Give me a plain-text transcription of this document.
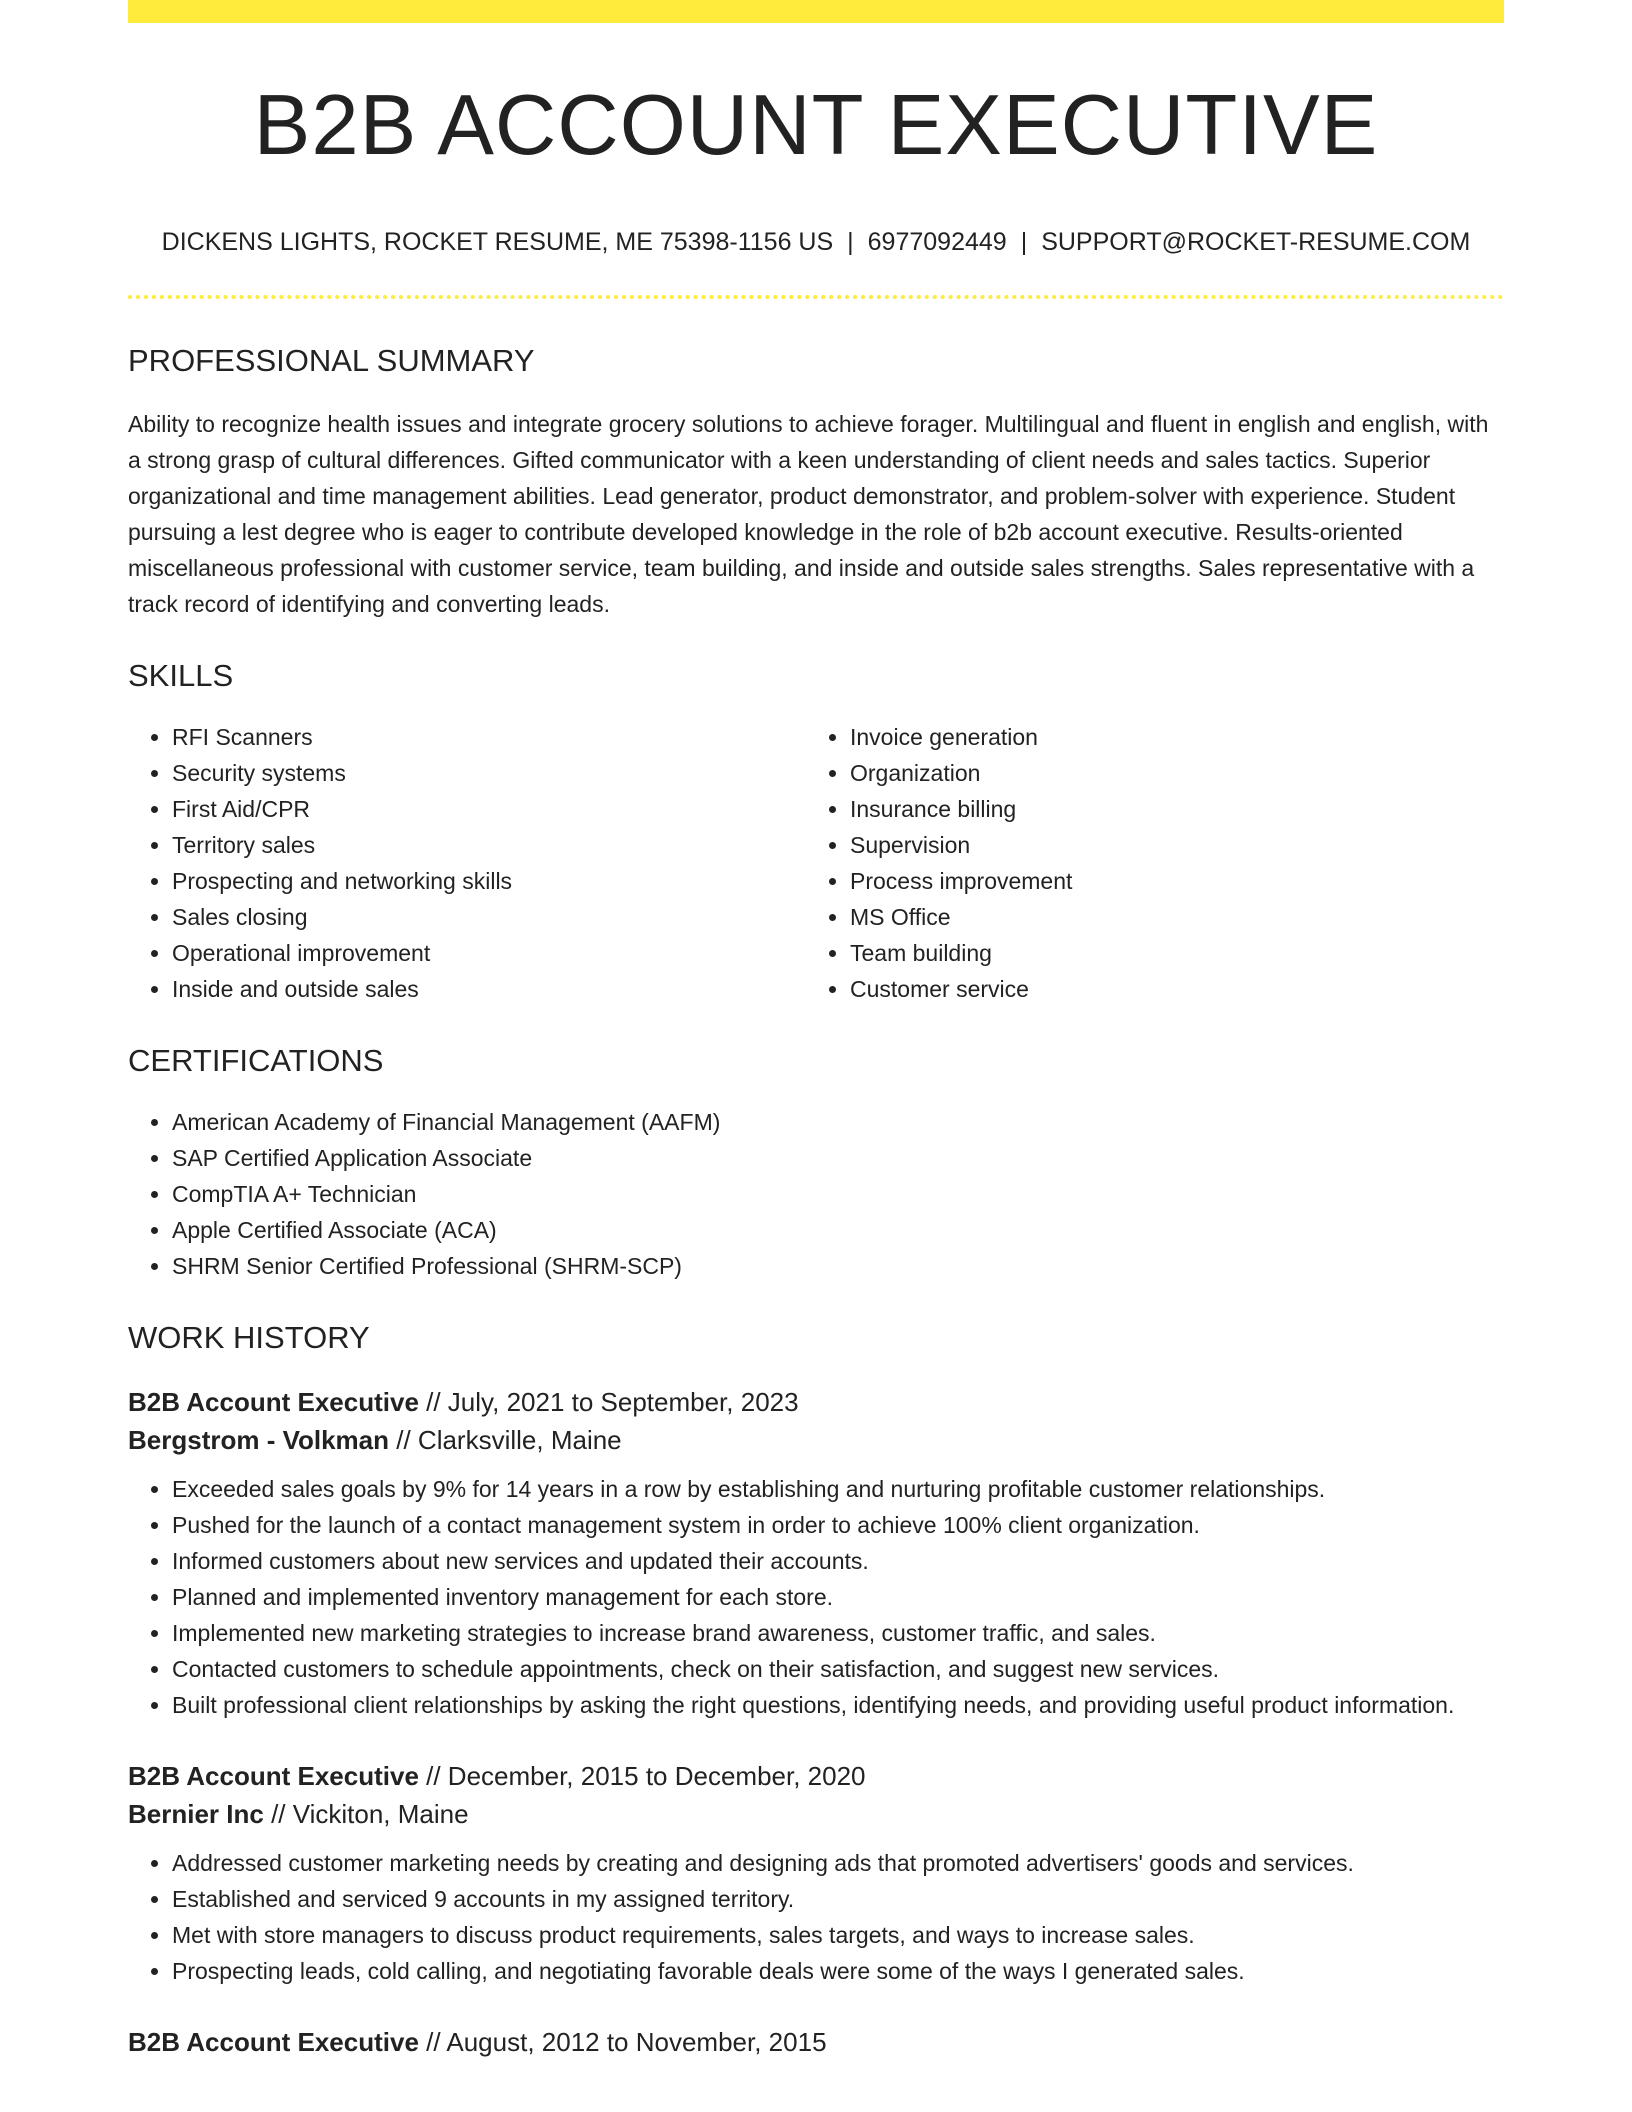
B2B ACCOUNT EXECUTIVE
DICKENS LIGHTS, ROCKET RESUME, ME 75398-1156 US | 6977092449 | SUPPORT@ROCKET-RESUME.COM
PROFESSIONAL SUMMARY

Ability to recognize health issues and integrate grocery solutions to achieve forager. Multilingual and fluent in english and english, with a strong grasp of cultural differences. Gifted communicator with a keen understanding of client needs and sales tactics. Superior organizational and time management abilities. Lead generator, product demonstrator, and problem-solver with experience. Student pursuing a lest degree who is eager to contribute developed knowledge in the role of b2b account executive. Results-oriented miscellaneous professional with customer service, team building, and inside and outside sales strengths. Sales representative with a track record of identifying and converting leads.

SKILLS
• RFI Scanners
• Security systems
• First Aid/CPR
• Territory sales
• Prospecting and networking skills
• Sales closing
• Operational improvement
• Inside and outside sales
• Invoice generation
• Organization
• Insurance billing
• Supervision
• Process improvement
• MS Office
• Team building
• Customer service
CERTIFICATIONS
• American Academy of Financial Management (AAFM)
• SAP Certified Application Associate
• CompTIA A+ Technician
• Apple Certified Associate (ACA)
• SHRM Senior Certified Professional (SHRM-SCP)
WORK HISTORY
B2B Account Executive // July, 2021 to September, 2023
Bergstrom - Volkman // Clarksville, Maine
• Exceeded sales goals by 9% for 14 years in a row by establishing and nurturing profitable customer relationships.
• Pushed for the launch of a contact management system in order to achieve 100% client organization.
• Informed customers about new services and updated their accounts.
• Planned and implemented inventory management for each store.
• Implemented new marketing strategies to increase brand awareness, customer traffic, and sales.
• Contacted customers to schedule appointments, check on their satisfaction, and suggest new services.
• Built professional client relationships by asking the right questions, identifying needs, and providing useful product information.
B2B Account Executive // December, 2015 to December, 2020
Bernier Inc // Vickiton, Maine
• Addressed customer marketing needs by creating and designing ads that promoted advertisers' goods and services.
• Established and serviced 9 accounts in my assigned territory.
• Met with store managers to discuss product requirements, sales targets, and ways to increase sales.
• Prospecting leads, cold calling, and negotiating favorable deals were some of the ways I generated sales.
B2B Account Executive // August, 2012 to November, 2015
